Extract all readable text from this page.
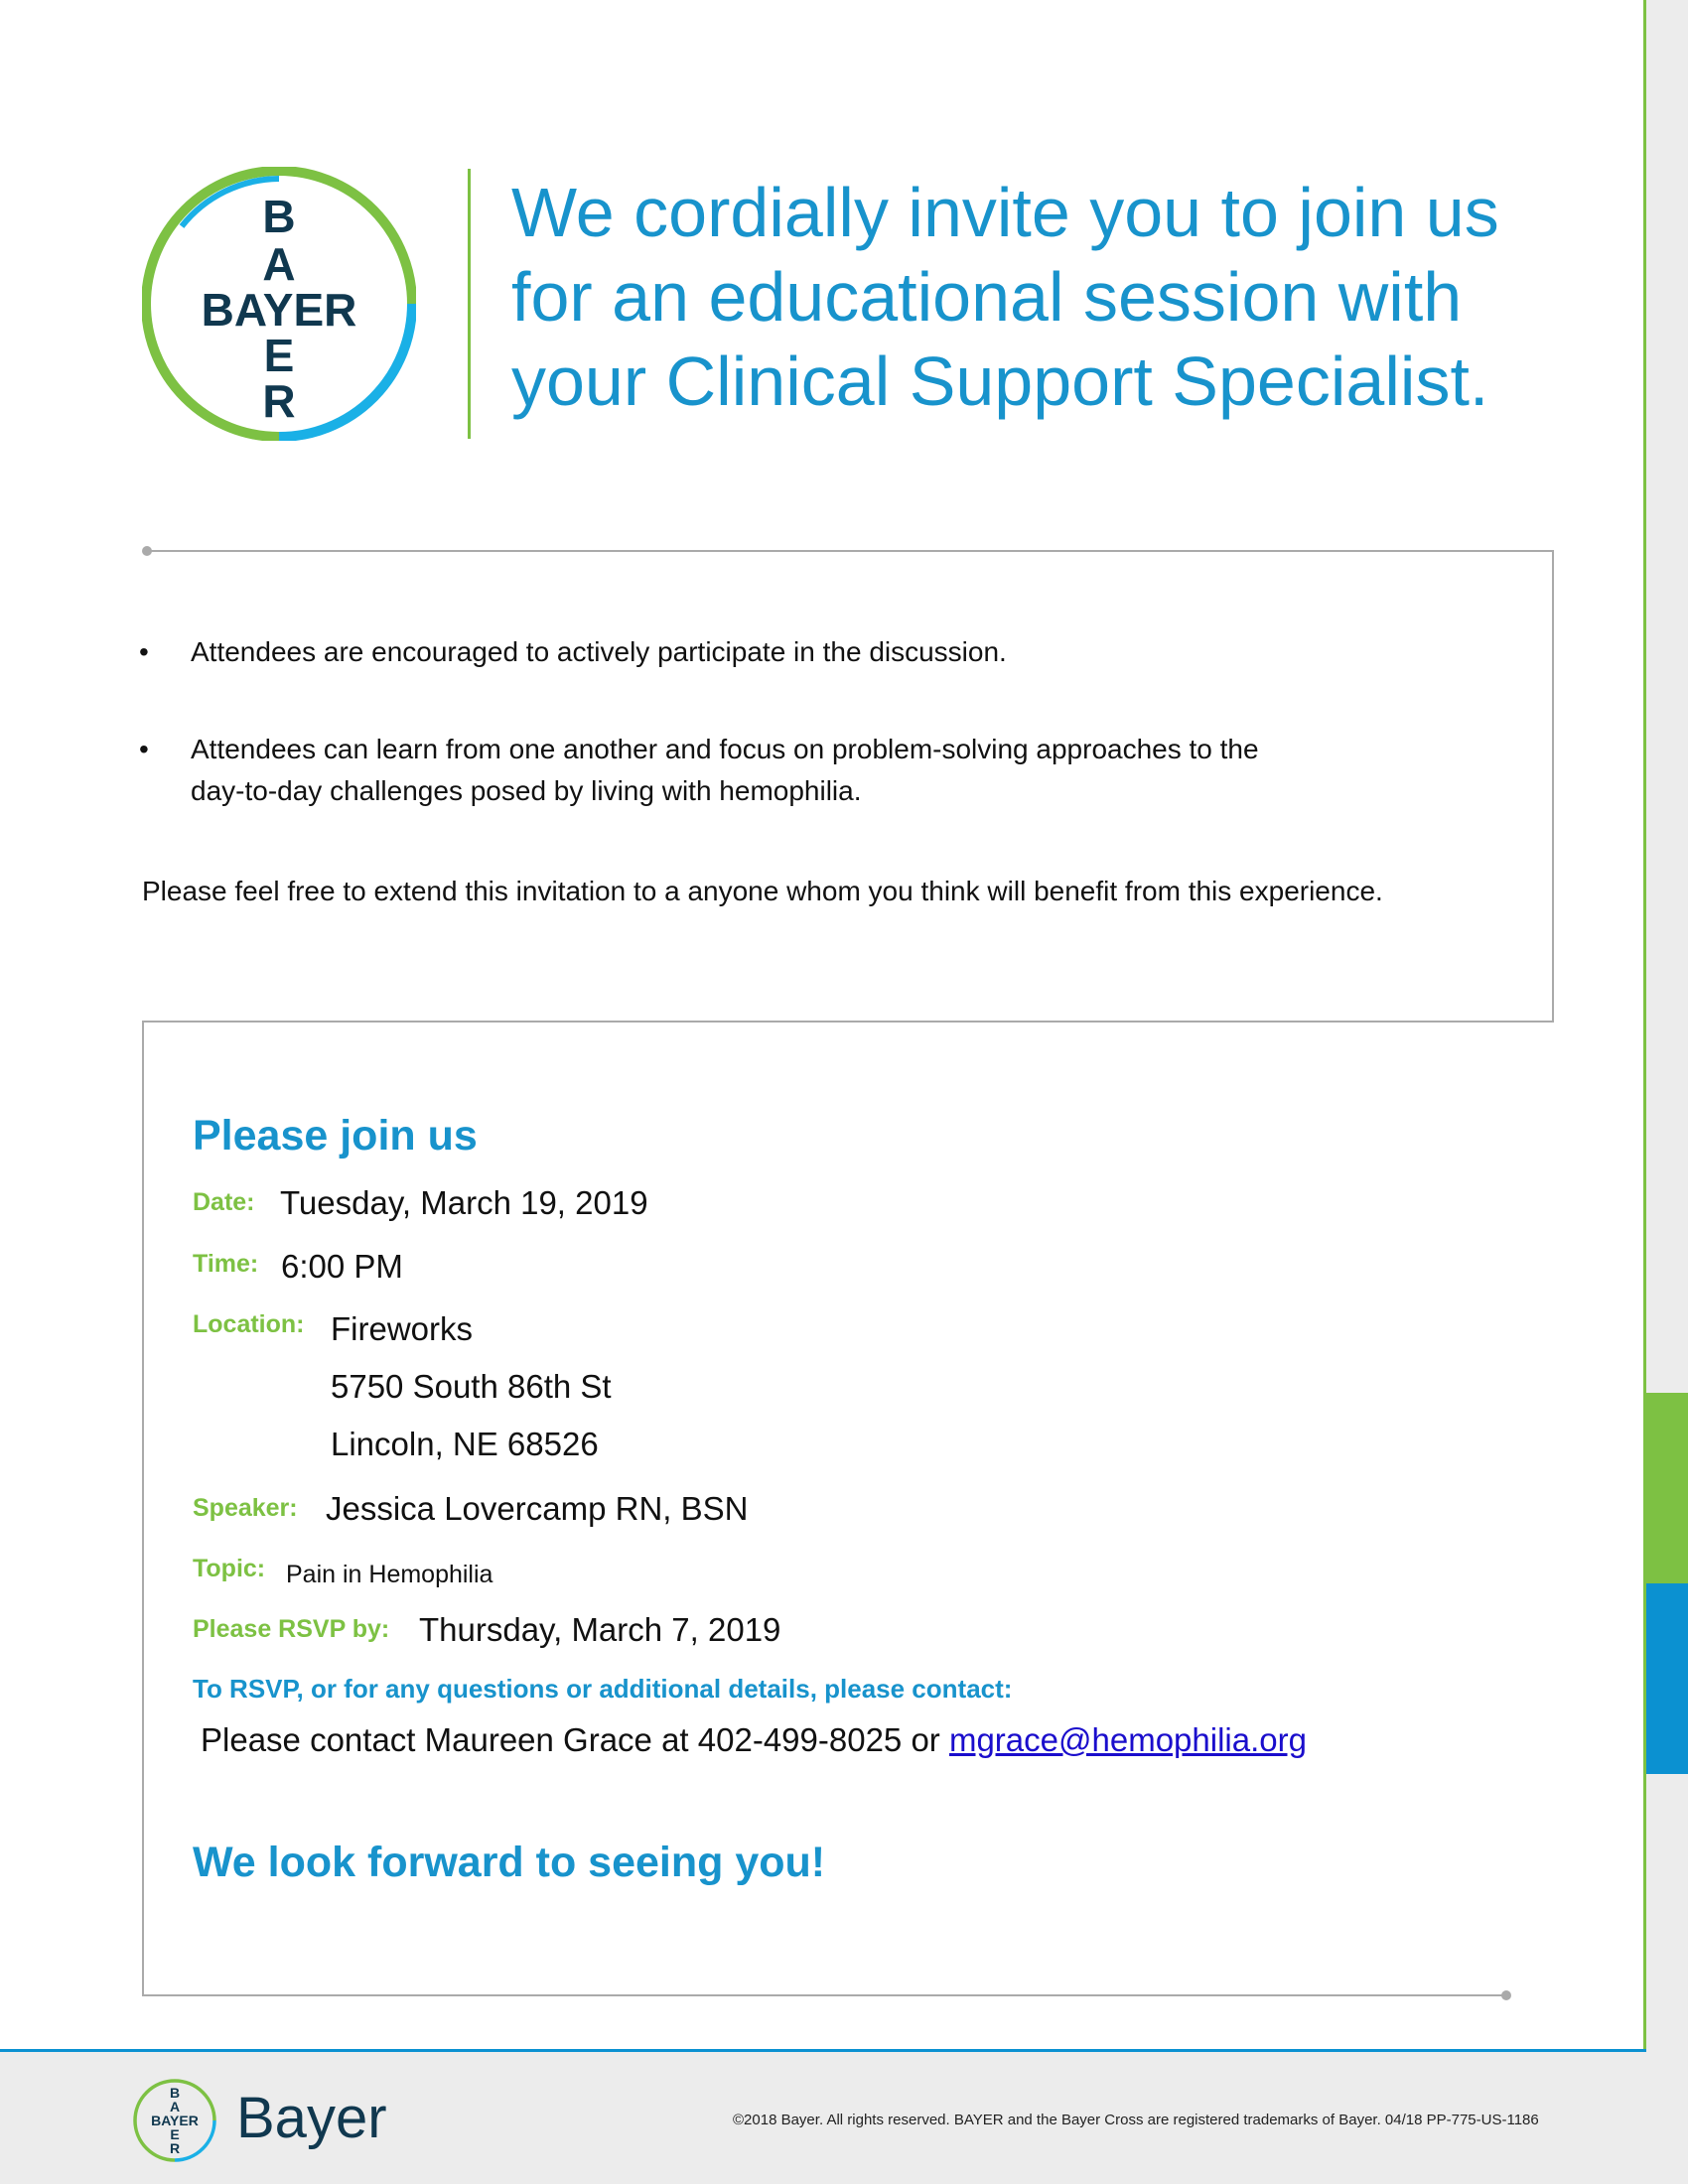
B
A
BAYER
E
R
We cordially invite you to join us
for an educational session with
your Clinical Support Specialist.
• Attendees are encouraged to actively participate in the discussion.
• Attendees can learn from one another and focus on problem-solving approaches to the
day-to-day challenges posed by living with hemophilia.
Please feel free to extend this invitation to a anyone whom you think will benefit from this experience.
Please join us
Date: Tuesday, March 19, 2019
Time: 6:00 PM
Location: Fireworks
5750 South 86th St
Lincoln, NE 68526
Speaker: Jessica Lovercamp RN, BSN
Topic: Pain in Hemophilia
Please RSVP by: Thursday, March 7, 2019
To RSVP, or for any questions or additional details, please contact:
Please contact Maureen Grace at 402-499-8025 or mgrace@hemophilia.org
We look forward to seeing you!
B
A
BAYER
E
R Bayer	©2018 Bayer. All rights reserved. BAYER and the Bayer Cross are registered trademarks of Bayer. 04/18 PP-775-US-1186
